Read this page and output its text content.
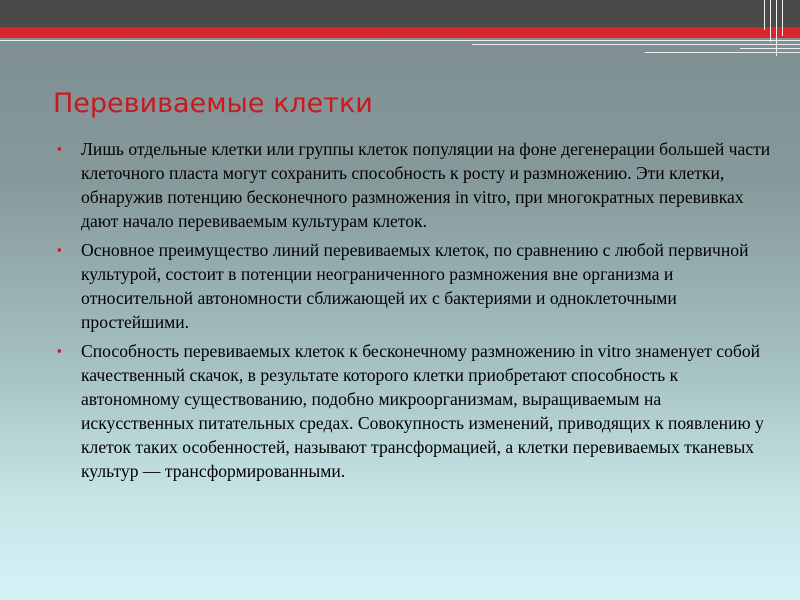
Перевиваемые клетки
▪ Лишь отдельные клетки или группы клеток популяции на фоне дегенерации большей части клеточного пласта могут сохранить способность к росту и размножению. Эти клетки, обнаружив потенцию бесконечного размножения in vitro, при многократных перевивках дают начало перевиваемым культурам клеток.
▪ Основное преимущество линий перевиваемых клеток, по сравнению с любой первичной культурой, состоит в потенции неограниченного размножения вне организма и относительной автономности сближающей их с бактериями и одноклеточными простейшими.
▪ Способность перевиваемых клеток к бесконечному размножению in vitro знаменует собой качественный скачок, в результате которого клетки приобретают способность к автономному существованию, подобно микроорганизмам, выращиваемым на искусственных питательных средах. Совокупность изменений, приводящих к появлению у клеток таких особенностей, называют трансформацией, а клетки перевиваемых тканевых культур — трансформированными.
